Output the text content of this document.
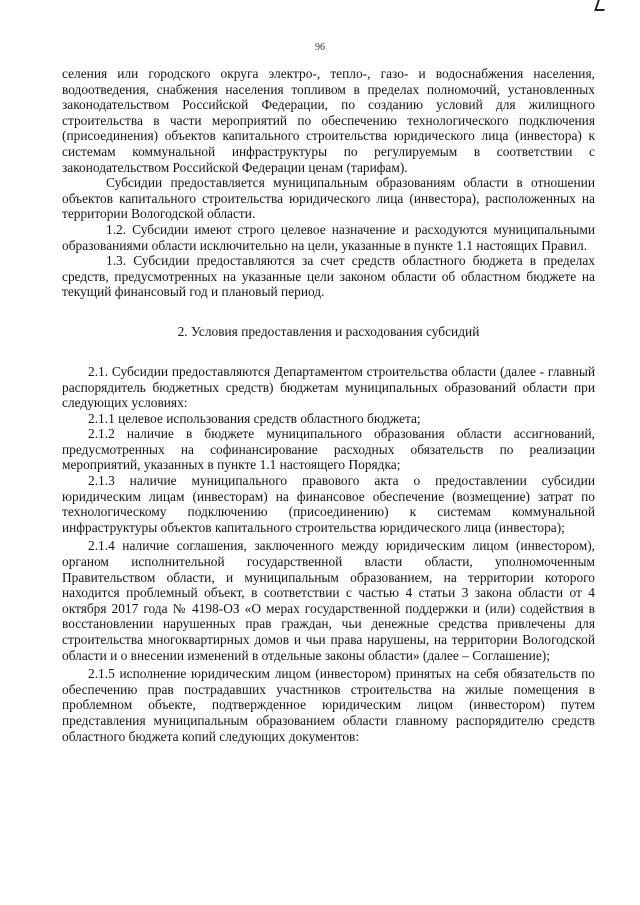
96

селения или городского округа электро-, тепло-, газо- и водоснабжения населения, водоотведения, снабжения населения топливом в пределах полномочий, установленных законодательством Российской Федерации, по созданию условий для жилищного строительства в части мероприятий по обеспечению технологического подключения (присоединения) объектов капитального строительства юридического лица (инвестора) к системам коммунальной инфраструктуры по регулируемым в соответствии с законодательством Российской Федерации ценам (тарифам).

Субсидии предоставляется муниципальным образованиям области в отношении объектов капитального строительства юридического лица (инвестора), расположенных на территории Вологодской области.

1.2. Субсидии имеют строго целевое назначение и расходуются муниципальными образованиями области исключительно на цели, указанные в пункте 1.1 настоящих Правил.

1.3. Субсидии предоставляются за счет средств областного бюджета в пределах средств, предусмотренных на указанные цели законом области об областном бюджете на текущий финансовый год и плановый период.

2. Условия предоставления и расходования субсидий

2.1. Субсидии предоставляются Департаментом строительства области (далее - главный распорядитель бюджетных средств) бюджетам муниципальных образований области при следующих условиях:

2.1.1 целевое использования средств областного бюджета;

2.1.2 наличие в бюджете муниципального образования области ассигнований, предусмотренных на софинансирование расходных обязательств по реализации мероприятий, указанных в пункте 1.1 настоящего Порядка;

2.1.3 наличие муниципального правового акта о предоставлении субсидии юридическим лицам (инвесторам) на финансовое обеспечение (возмещение) затрат по технологическому подключению (присоединению) к системам коммунальной инфраструктуры объектов капитального строительства юридического лица (инвестора);

2.1.4 наличие соглашения, заключенного между юридическим лицом (инвестором), органом исполнительной государственной власти области, уполномоченным Правительством области, и муниципальным образованием, на территории которого находится проблемный объект, в соответствии с частью 4 статьи 3 закона области от 4 октября 2017 года № 4198-ОЗ «О мерах государственной поддержки и (или) содействия в восстановлении нарушенных прав граждан, чьи денежные средства привлечены для строительства многоквартирных домов и чьи права нарушены, на территории Вологодской области и о внесении изменений в отдельные законы области» (далее – Соглашение);

2.1.5 исполнение юридическим лицом (инвестором) принятых на себя обязательств по обеспечению прав пострадавших участников строительства на жилые помещения в проблемном объекте, подтвержденное юридическим лицом (инвестором) путем представления муниципальным образованием области главному распорядителю средств областного бюджета копий следующих документов:
